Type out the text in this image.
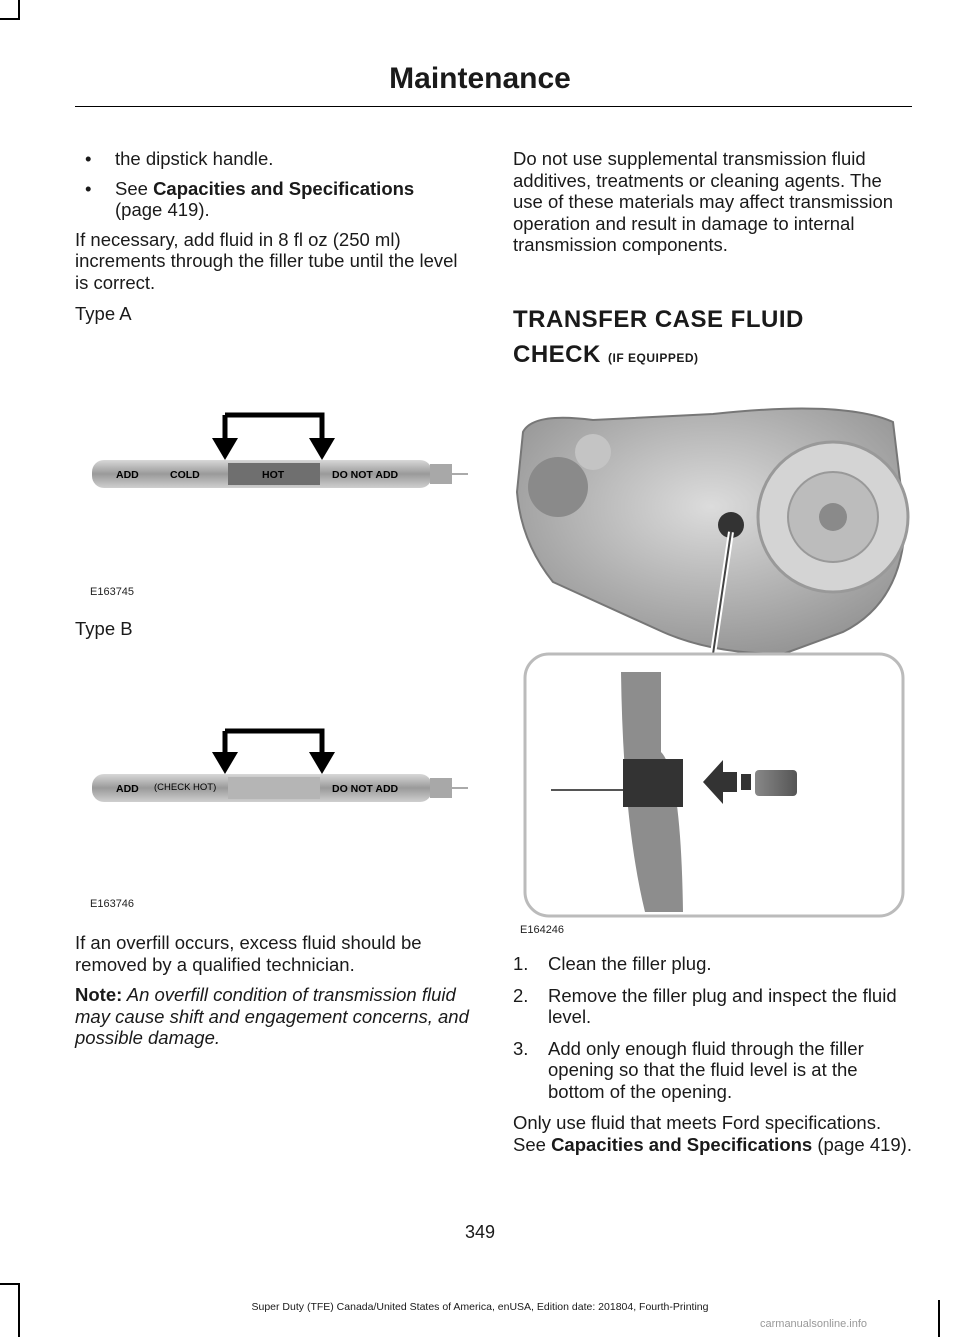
Maintenance
• the dipstick handle.
• See Capacities and Specifications
(page 419).

If necessary, add fluid in 8 fl oz (250 ml) increments through the filler tube until the level is correct.

Type A

ADD	COLD	HOT	DO NOT ADD
E163745
Type B
ADD (CHECK HOT)	DO NOT ADD
E163746

If an overfill occurs, excess fluid should be removed by a qualified technician.

Note: An overfill condition of transmission fluid may cause shift and engagement concerns, and possible damage.

Do not use supplemental transmission fluid additives, treatments or cleaning agents. The use of these materials may affect transmission operation and result in damage to internal transmission components.

TRANSFER CASE FLUID
CHECK (IF EQUIPPED)
E164246
1. Clean the filler plug.
2. Remove the filler plug and inspect the fluid level.
3. Add only enough fluid through the filler opening so that the fluid level is at the bottom of the opening.

Only use fluid that meets Ford specifications. See Capacities and Specifications (page 419).

349
Super Duty (TFE) Canada/United States of America, enUSA, Edition date: 201804, Fourth-Printing
carmanualsonline.info
